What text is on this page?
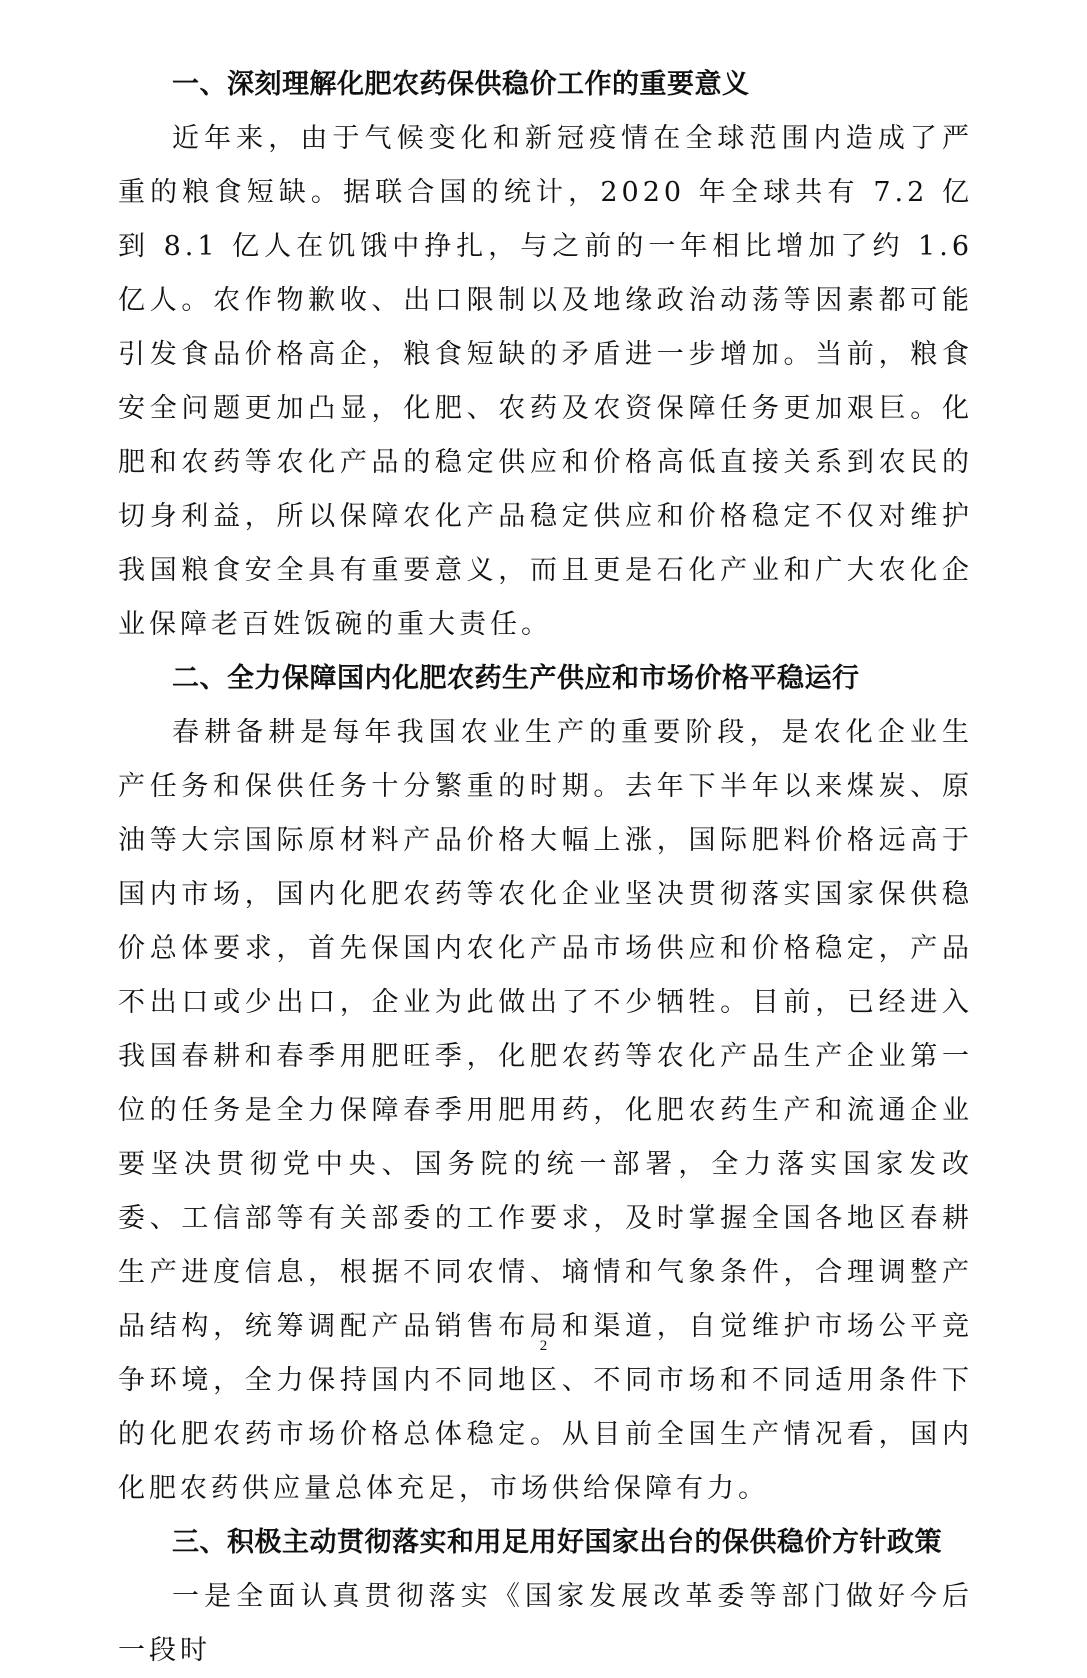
一、深刻理解化肥农药保供稳价工作的重要意义

近年来，由于气候变化和新冠疫情在全球范围内造成了严重的粮食短缺。据联合国的统计，2020 年全球共有 7.2 亿到 8.1 亿人在饥饿中挣扎，与之前的一年相比增加了约 1.6 亿人。农作物歉收、出口限制以及地缘政治动荡等因素都可能引发食品价格高企，粮食短缺的矛盾进一步增加。当前，粮食安全问题更加凸显，化肥、农药及农资保障任务更加艰巨。化肥和农药等农化产品的稳定供应和价格高低直接关系到农民的切身利益，所以保障农化产品稳定供应和价格稳定不仅对维护我国粮食安全具有重要意义，而且更是石化产业和广大农化企业保障老百姓饭碗的重大责任。

二、全力保障国内化肥农药生产供应和市场价格平稳运行

春耕备耕是每年我国农业生产的重要阶段，是农化企业生产任务和保供任务十分繁重的时期。去年下半年以来煤炭、原油等大宗国际原材料产品价格大幅上涨，国际肥料价格远高于国内市场，国内化肥农药等农化企业坚决贯彻落实国家保供稳价总体要求，首先保国内农化产品市场供应和价格稳定，产品不出口或少出口，企业为此做出了不少牺牲。目前，已经进入我国春耕和春季用肥旺季，化肥农药等农化产品生产企业第一位的任务是全力保障春季用肥用药，化肥农药生产和流通企业要坚决贯彻党中央、国务院的统一部署，全力落实国家发改委、工信部等有关部委的工作要求，及时掌握全国各地区春耕生产进度信息，根据不同农情、墒情和气象条件，合理调整产品结构，统筹调配产品销售布局和渠道，自觉维护市场公平竞争环境，全力保持国内不同地区、不同市场和不同适用条件下的化肥农药市场价格总体稳定。从目前全国生产情况看，国内化肥农药供应量总体充足，市场供给保障有力。

三、积极主动贯彻落实和用足用好国家出台的保供稳价方针政策

一是全面认真贯彻落实《国家发展改革委等部门做好今后一段时

2
